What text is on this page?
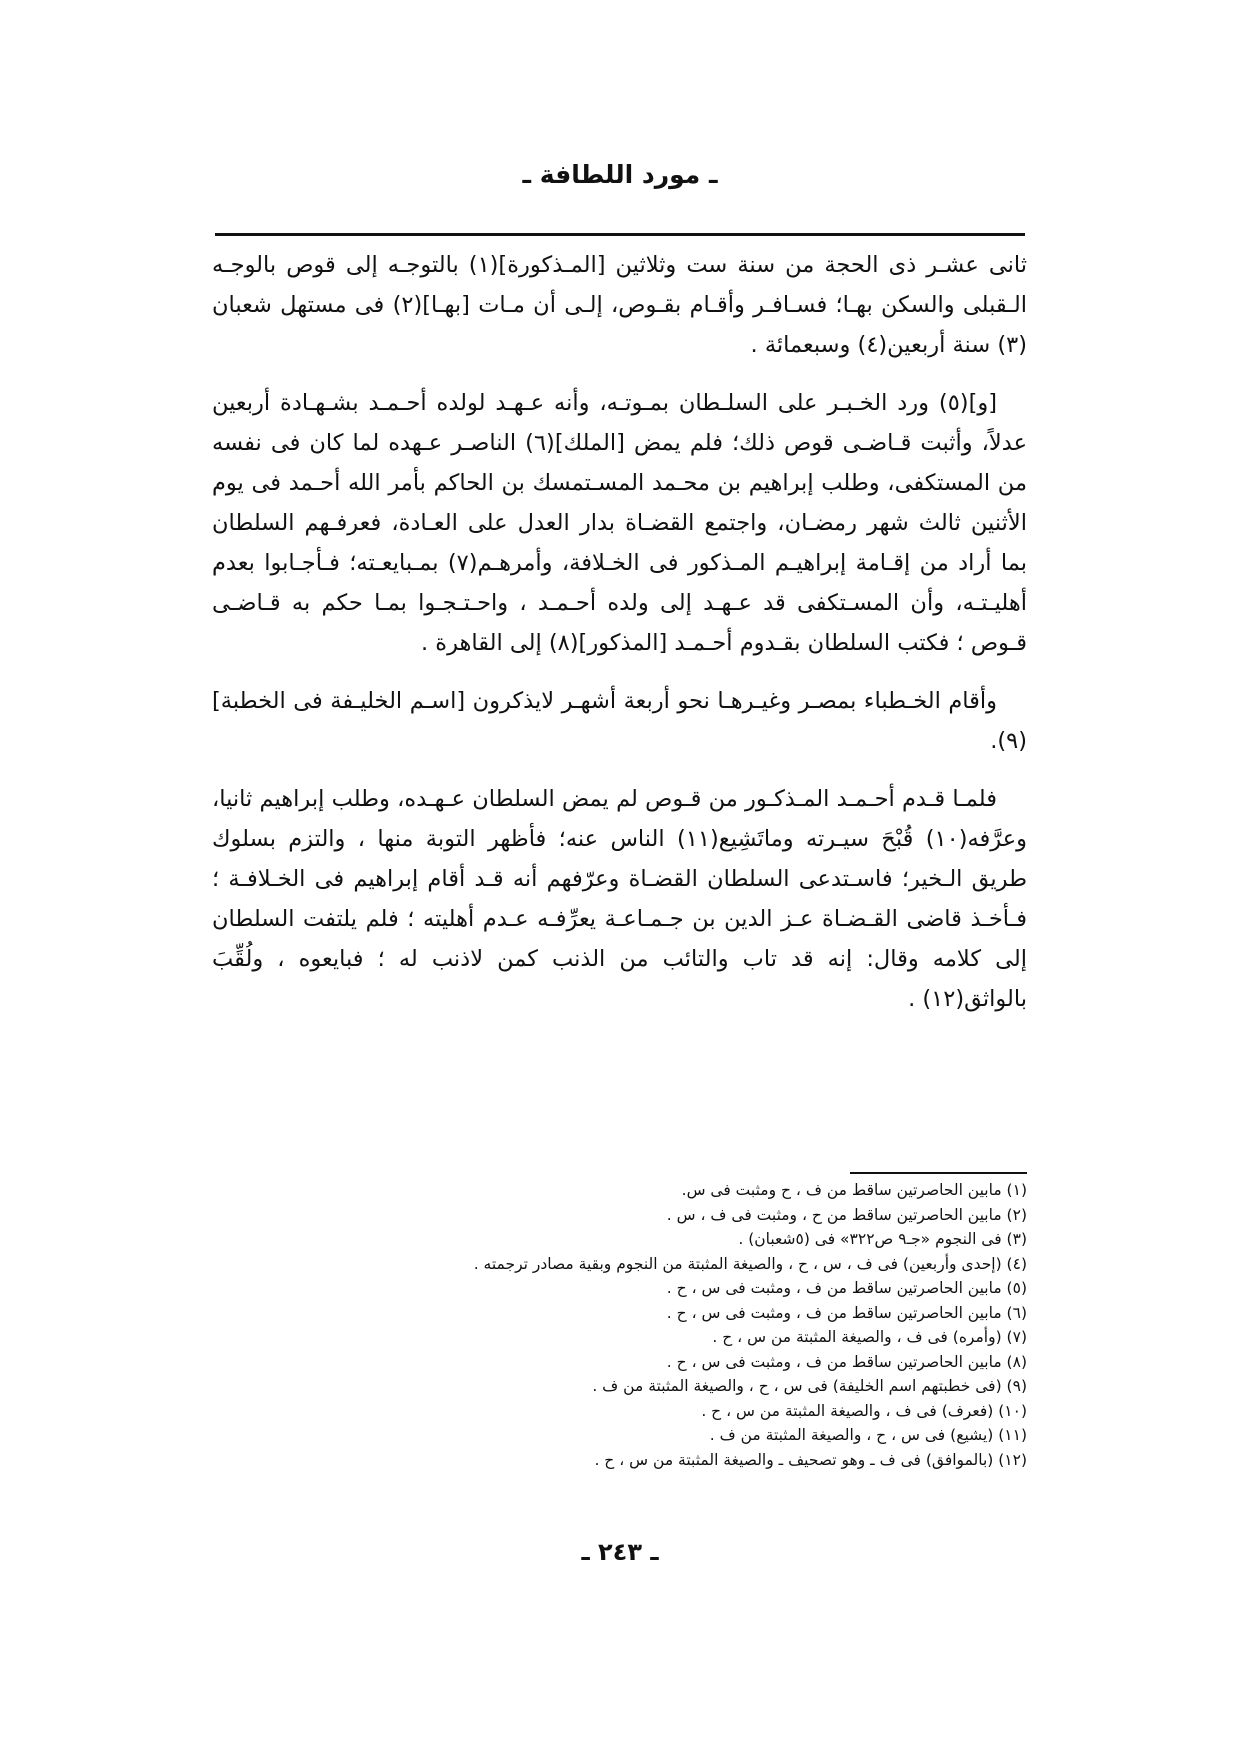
ـ مورد اللطافة ـ

ثانى عشـر ذى الحجة من سنة ست وثلاثين [المـذكورة](١) بالتوجـه إلى قوص بالوجـه الـقبلى والسكن بهـا؛ فسـافـر وأقـام بقـوص، إلـى أن مـات [بهـا](٢) فى مستهل شعبان (٣) سنة أربعين(٤) وسبعمائة .

[و](٥) ورد الخـبـر على السلـطان بمـوتـه، وأنه عـهـد لولده أحـمـد بشـهـادة أربعين عدلاً، وأثبت قـاضـى قوص ذلك؛ فلم يمض [الملك](٦) الناصـر عـهده لما كان فى نفسه من المستكفى، وطلب إبراهيم بن محـمد المسـتمسك بن الحاكم بأمر الله أحـمد فى يوم الأثنين ثالث شهر رمضـان، واجتمع القضـاة بدار العدل على العـادة، فعرفـهم السلطان بما أراد من إقـامة إبراهيـم المـذكور فى الخـلافة، وأمرهـم(٧) بمـبايعـته؛ فـأجـابوا بعدم أهليـتـه، وأن المسـتكفى قد عـهـد إلى ولده أحـمـد ، واحـتـجـوا بمـا حكم به قـاضـى قـوص ؛ فكتب السلطان بقـدوم أحـمـد [المذكور](٨) إلى القاهرة .

وأقام الخـطباء بمصـر وغيـرهـا نحو أربعة أشهـر لايذكرون [اسـم الخليـفة فى الخطبة](٩).

فلمـا قـدم أحـمـد المـذكـور من قـوص لم يمض السلطان عـهـده، وطلب إبراهيم ثانيا، وعرَّفه(١٠) قُبْحَ سيـرته وماتَشِيع(١١) الناس عنه؛ فأظهر التوبة منها ، والتزم بسلوك طريق الـخير؛ فاسـتدعى السلطان القضـاة وعرّفهم أنه قـد أقام إبراهيم فى الخـلافـة ؛ فـأخـذ قاضى القـضـاة عـز الدين بن جـمـاعـة يعرِّفـه عـدم أهليته ؛ فلم يلتفت السلطان إلى كلامه وقال: إنه قد تاب والتائب من الذنب كمن لاذنب له ؛ فبايعوه ، ولُقِّبَ بالواثق(١٢) .

(١) مابين الحاصرتين ساقط من ف ، ح ومثبت فى س.
(٢) مابين الحاصرتين ساقط من ح ، ومثبت فى ف ، س .
(٣) فى النجوم «جـ٩ ص٣٢٢» فى (٥شعبان) .
(٤) (إحدى وأربعين) فى ف ، س ، ح ، والصيغة المثبتة من النجوم وبقية مصادر ترجمته .
(٥) مابين الحاصرتين ساقط من ف ، ومثبت فى س ، ح .
(٦) مابين الحاصرتين ساقط من ف ، ومثبت فى س ، ح .
(٧) (وأمره) فى ف ، والصيغة المثبتة من س ، ح .
(٨) مابين الحاصرتين ساقط من ف ، ومثبت فى س ، ح .
(٩) (فى خطبتهم اسم الخليفة) فى س ، ح ، والصيغة المثبتة من ف .
(١٠) (فعرف) فى ف ، والصيغة المثبتة من س ، ح .
(١١) (يشيع) فى س ، ح ، والصيغة المثبتة من ف .
(١٢) (بالموافق) فى ف ـ وهو تصحيف ـ والصيغة المثبتة من س ، ح .
ـ ٢٤٣ ـ
